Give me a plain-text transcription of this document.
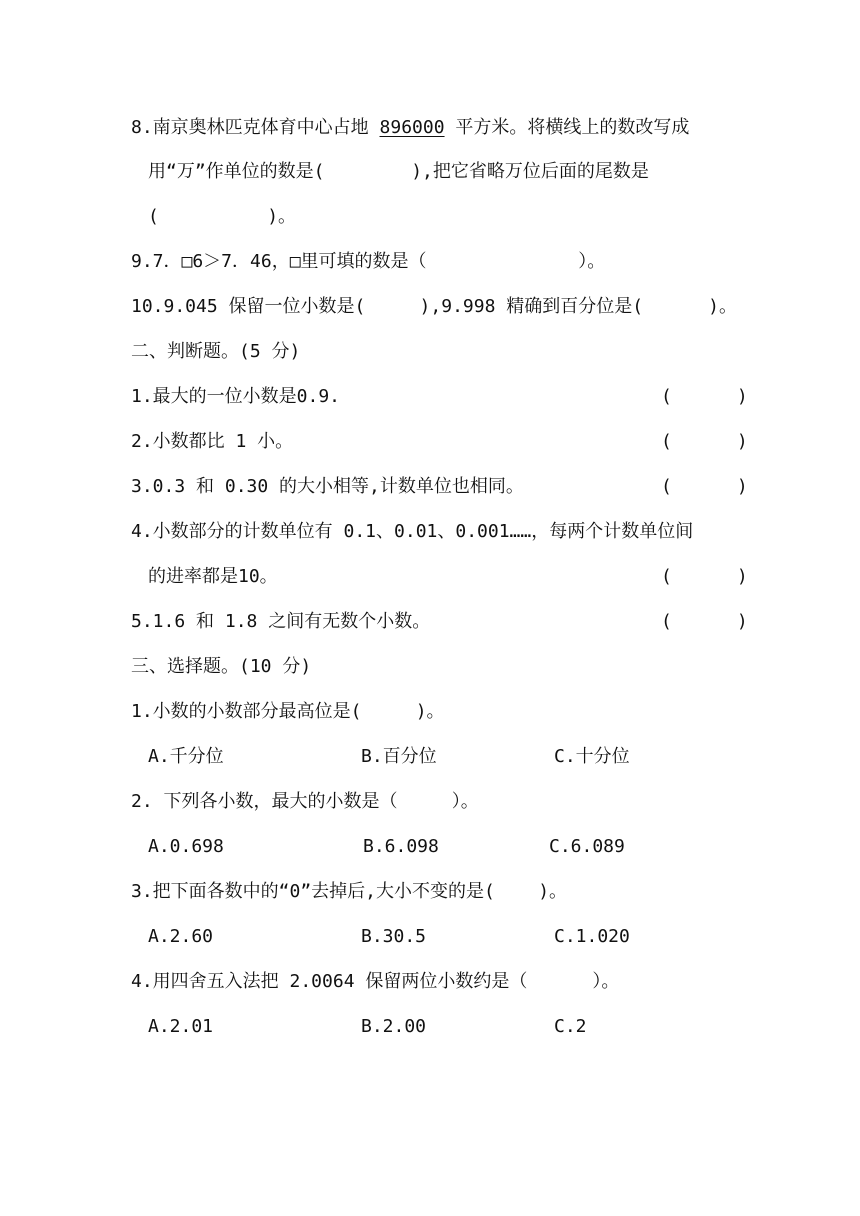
8.南京奥林匹克体育中心占地 896000 平方米。将横线上的数改写成
用“万”作单位的数是(        ),把它省略万位后面的尾数是
(          )。
9.7．□6＞7．46，□里可填的数是（              ）。
10.9.045 保留一位小数是(     ),9.998 精确到百分位是(      )。
二、判断题。(5 分)
1.最大的一位小数是0.9.	(      )
2.小数都比 1 小。	(      )
3.0.3 和 0.30 的大小相等,计数单位也相同。	(      )
4.小数部分的计数单位有 0.1、0.01、0.001……，每两个计数单位间
的进率都是10。	(      )
5.1.6 和 1.8 之间有无数个小数。	(      )
三、选择题。(10 分)
1.小数的小数部分最高位是(     )。
A.千分位	B.百分位	C.十分位
2. 下列各小数，最大的小数是（     ）。
A.0.698	B.6.098	C.6.089
3.把下面各数中的“0”去掉后,大小不变的是(    )。
A.2.60	B.30.5	C.1.020
4.用四舍五入法把 2.0064 保留两位小数约是（      ）。
A.2.01	B.2.00	C.2
